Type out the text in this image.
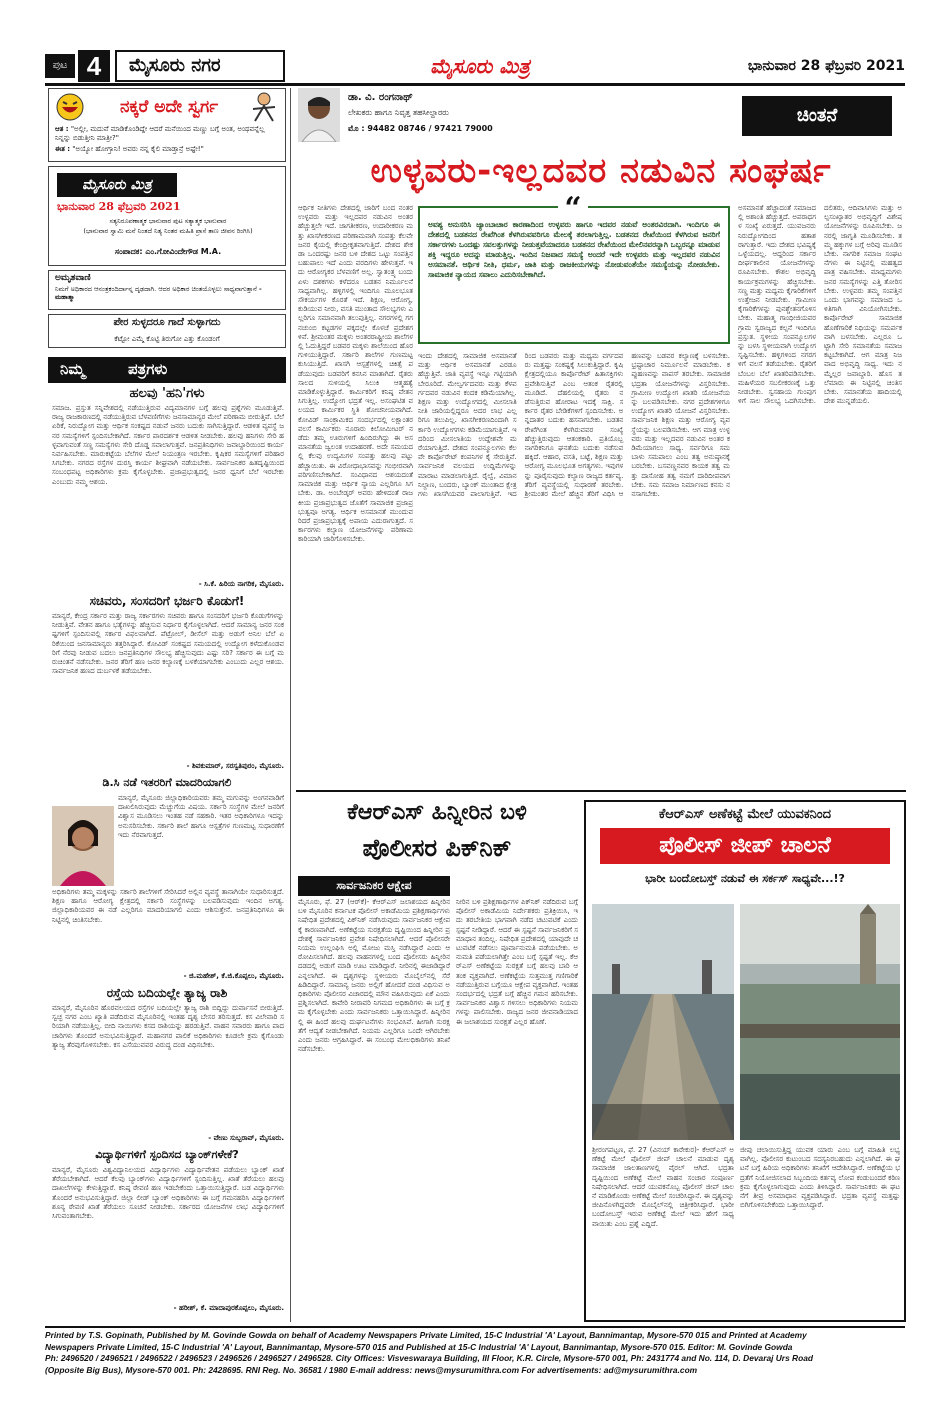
ಪುಟ 4	ಮೈಸೂರು ನಗರ	ಮೈಸೂರು ಮಿತ್ರ	ಭಾನುವಾರ 28 ಫೆಬ್ರವರಿ 2021
ನಕ್ಕರೆ ಅದೇ ಸ್ವರ್ಗ
ಆತ : "ಅಲ್ಲೀ, ಮದುವೆ ಮಾಡಿಕೊಂಡಿದ್ದೇ ಆದರೆ ಮನೆಯಿಂದ ಮಣ್ಣು ಬಗ್ಗೆ ಅಂತ, ಅಂಥವನ್ನೆಲ್ಲ ನಿನ್ನನ್ನು ಬಿಡುತ್ತೀನಿ ಮಾತ್ರೀ?"
ಈತ : "ಅಯ್ಯೋ ಹೋಗ್ತಾನಿ! ಅವರು ನನ್ನ ಕೈಲಿ ಮಾಡ್ತಾನ್ರೆ ಅಷ್ಟೇ!"
ಮೈಸೂರು ಮಿತ್ರ
ಭಾನುವಾರ 28 ಫೆಬ್ರವರಿ 2021
ಸತ್ಯನಿರೂಪಣಾತ್ಮಕ ಭಾನುವಾರ ಪುಟ ಸತ್ಯಾತ್ಮಕ ಭಾನುವಾರ
(ಭಾನುವಾರ ಸ್ವಾಮಿ ಮನೆ ನಿಂತದೆ ನಿತ್ಯ ನಿಂತರ ಮಹಿತಿ ಪ್ರಾಸೆ ತಾಣ ಜೀವನ ರಿಂಗಿಸಿ)
ಸಂಪಾದಕ: ಎಂ.ಗೋವಿಂದೇಗೌಡ M.A.
ಅಮೃತವಾಣಿ
ನಿಮಗೆ ಅಧಿಕಾರದ ಆನಂತ್ರಕಂದಿರ್ದಾನ್ನ ದೃಢದಾಗಿ. ಆದರ ಅಧಿಕಾರ ಚಿಂತಯೊಳ್ಳಲು ಸಾಧ್ಯವಾಗುತ್ತಾನೆ - ಮಹಾತ್ಮಾ
ಪೇರ ಸುಳ್ಳದರೂ ಗಾದೆ ಸುಳ್ಳಾಗದು
ಕೆಟ್ಟೋ ಎಮ್ಮೆ ಕೊಟ್ಟಿ ತಿರುಗೋ ಎತ್ತು ಕೊಂಡಂಗೆ
ನಿಮ್ಮ	ಪತ್ರಗಳು
ಹಲವು 'ಹನಿ'ಗಳು
ಸಮಾಜ. ಪ್ರಸ್ತುತ ಸನ್ನಿವೇಶದಲ್ಲಿ ನಡೆಯುತ್ತಿರುವ ವಿದ್ಯಮಾನಗಳ ಬಗ್ಗೆ ಹಲವು ಪ್ರಶ್ನೆಗಳು ಮೂಡುತ್ತಿವೆ. ರಾಜ್ಯ ರಾಜಕಾರಣದಲ್ಲಿ ನಡೆಯುತ್ತಿರುವ ಬೆಳವಣಿಗೆಗಳು ಜನಸಾಮಾನ್ಯರ ಮೇಲೆ ಪರಿಣಾಮ ಬೀರುತ್ತಿವೆ. ಬೆಲೆ ಏರಿಕೆ, ನಿರುದ್ಯೋಗ ಮತ್ತು ಆರ್ಥಿಕ ಸಂಕಷ್ಟದ ನಡುವೆ ಜನರು ಬದುಕು ಸಾಗಿಸುತ್ತಿದ್ದಾರೆ. ಆಡಳಿತ ವ್ಯವಸ್ಥೆ ಜನರ ಸಮಸ್ಯೆಗಳಿಗೆ ಸ್ಪಂದಿಸಬೇಕಾಗಿದೆ. ಸರ್ಕಾರ ಪಾರದರ್ಶಕ ಆಡಳಿತ ನೀಡಬೇಕು. ಹಲವು ಹನಿಗಳು ಸೇರಿ ಹಳ್ಳವಾಗುವಂತೆ ಸಣ್ಣ ಸಮಸ್ಯೆಗಳು ಸೇರಿ ದೊಡ್ಡ ಸವಾಲಾಗುತ್ತವೆ. ಜನಪ್ರತಿನಿಧಿಗಳು ಜವಾಬ್ದಾರಿಯಿಂದ ಕಾರ್ಯ ನಿರ್ವಹಿಸಬೇಕು. ಮಾರುಕಟ್ಟೆಯ ಬೆಲೆಗಳ ಮೇಲೆ ನಿಯಂತ್ರಣ ಇರಬೇಕು. ಕೃಷಿಕರ ಸಮಸ್ಯೆಗಳಿಗೆ ಪರಿಹಾರ ಸಿಗಬೇಕು. ನಗರದ ರಸ್ತೆಗಳ ದುರಸ್ತಿ ಕಾರ್ಯ ಶೀಘ್ರವಾಗಿ ನಡೆಯಬೇಕು. ಸಾರ್ವಜನಿಕರ ಹಿತದೃಷ್ಟಿಯಿಂದ ಸಂಬಂಧಪಟ್ಟ ಅಧಿಕಾರಿಗಳು ಕ್ರಮ ಕೈಗೊಳ್ಳಬೇಕು. ಪ್ರಜಾಪ್ರಭುತ್ವದಲ್ಲಿ ಜನರ ಧ್ವನಿಗೆ ಬೆಲೆ ಇರಬೇಕು ಎಂಬುದು ನಮ್ಮ ಆಶಯ.
- ಸಿ.ಕೆ. ಹಿರಿಯ ನಾಗರಿಕ, ಮೈಸೂರು.
ಸಚಿವರು, ಸಂಸದರಿಗೆ ಭರ್ಜರಿ ಕೊಡುಗೆ!
ಮಾನ್ಯರೆ, ಕೇಂದ್ರ ಸರ್ಕಾರ ಮತ್ತು ರಾಜ್ಯ ಸರ್ಕಾರಗಳು ಸಚಿವರು ಹಾಗೂ ಸಂಸದರಿಗೆ ಭರ್ಜರಿ ಕೊಡುಗೆಗಳನ್ನು ನೀಡುತ್ತಿವೆ. ವೇತನ ಹಾಗೂ ಭತ್ಯೆಗಳನ್ನು ಹೆಚ್ಚಿಸುವ ನಿರ್ಧಾರ ಕೈಗೊಳ್ಳಲಾಗಿದೆ. ಆದರೆ ಸಾಮಾನ್ಯ ಜನರ ಸಂಕಷ್ಟಗಳಿಗೆ ಸ್ಪಂದಿಸುವಲ್ಲಿ ಸರ್ಕಾರ ವಿಫಲವಾಗಿದೆ. ಪೆಟ್ರೋಲ್, ಡೀಸೆಲ್ ಮತ್ತು ಅಡುಗೆ ಅನಿಲ ಬೆಲೆ ಏರಿಕೆಯಿಂದ ಜನಸಾಮಾನ್ಯರು ತತ್ತರಿಸಿದ್ದಾರೆ. ಕೋವಿಡ್ ಸಂಕಷ್ಟದ ಸಮಯದಲ್ಲಿ ಉದ್ಯೋಗ ಕಳೆದುಕೊಂಡವರಿಗೆ ನೆರವು ನೀಡುವ ಬದಲು ಜನಪ್ರತಿನಿಧಿಗಳ ಸೌಲಭ್ಯ ಹೆಚ್ಚಿಸುವುದು ಎಷ್ಟು ಸರಿ? ಸರ್ಕಾರ ಈ ಬಗ್ಗೆ ಮರುಚಿಂತನೆ ನಡೆಸಬೇಕು. ಜನರ ತೆರಿಗೆ ಹಣ ಜನರ ಕಲ್ಯಾಣಕ್ಕೆ ಬಳಕೆಯಾಗಬೇಕು ಎಂಬುದು ಎಲ್ಲರ ಆಶಯ. ಸಾರ್ವಜನಿಕ ಹಣದ ದುರ್ಬಳಕೆ ತಡೆಯಬೇಕು.
- ಶಿವಕುಮಾರ್, ಸರಸ್ವತಿಪುರಂ, ಮೈಸೂರು.
ಡಿ.ಸಿ ನಡೆ ಇತರರಿಗೆ ಮಾದರಿಯಾಗಲಿ
ಮಾನ್ಯರೆ, ಮೈಸೂರು ಜಿಲ್ಲಾಧಿಕಾರಿಯವರು ತಮ್ಮ ಮಗುವನ್ನು ಅಂಗನವಾಡಿಗೆ ದಾಖಲಿಸಿರುವುದು ಮೆಚ್ಚುಗೆಯ ವಿಷಯ. ಸರ್ಕಾರಿ ಸಂಸ್ಥೆಗಳ ಮೇಲೆ ಜನರಿಗೆ ವಿಶ್ವಾಸ ಮೂಡಿಸಲು ಇಂತಹ ನಡೆ ಸಹಕಾರಿ. ಇತರ ಅಧಿಕಾರಿಗಳೂ ಇದನ್ನು ಅನುಸರಿಸಬೇಕು. ಸರ್ಕಾರಿ ಶಾಲೆ ಹಾಗೂ ಆಸ್ಪತ್ರೆಗಳ ಗುಣಮಟ್ಟ ಸುಧಾರಣೆಗೆ ಇದು ನೆರವಾಗುತ್ತದೆ.
ಅಧಿಕಾರಿಗಳು ತಮ್ಮ ಮಕ್ಕಳನ್ನು ಸರ್ಕಾರಿ ಶಾಲೆಗಳಿಗೆ ಸೇರಿಸಿದರೆ ಅಲ್ಲಿನ ವ್ಯವಸ್ಥೆ ತಾನಾಗಿಯೇ ಸುಧಾರಿಸುತ್ತದೆ. ಶಿಕ್ಷಣ ಹಾಗೂ ಆರೋಗ್ಯ ಕ್ಷೇತ್ರದಲ್ಲಿ ಸರ್ಕಾರಿ ಸಂಸ್ಥೆಗಳನ್ನು ಬಲಪಡಿಸುವುದು ಇಂದಿನ ಅಗತ್ಯ. ಜಿಲ್ಲಾಧಿಕಾರಿಯವರ ಈ ನಡೆ ಎಲ್ಲರಿಗೂ ಮಾದರಿಯಾಗಲಿ ಎಂದು ಆಶಿಸುತ್ತೇನೆ. ಜನಪ್ರತಿನಿಧಿಗಳೂ ಈ ನಿಟ್ಟಿನಲ್ಲಿ ಚಿಂತಿಸಬೇಕು.
- ಜಿ.ಮಹೇಶ್, ಕೆ.ಜಿ.ಕೊಪ್ಪಲು, ಮೈಸೂರು.
ರಸ್ತೆಯ ಬದಿಯಲ್ಲೇ ತ್ಯಾಜ್ಯ ರಾಶಿ
ಮಾನ್ಯರೆ, ಮೈಸೂರಿನ ಹೊರವಲಯದ ರಸ್ತೆಗಳ ಬದಿಯಲ್ಲೇ ತ್ಯಾಜ್ಯ ರಾಶಿ ಬಿದ್ದಿದ್ದು ದುರ್ವಾಸನೆ ಬೀರುತ್ತಿದೆ. ಸ್ವಚ್ಛ ನಗರ ಎಂಬ ಖ್ಯಾತಿ ಪಡೆದಿರುವ ಮೈಸೂರಿನಲ್ಲಿ ಇಂತಹ ದೃಶ್ಯ ಬೇಸರ ತರಿಸುತ್ತದೆ. ಕಸ ವಿಲೇವಾರಿ ಸರಿಯಾಗಿ ನಡೆಯುತ್ತಿಲ್ಲ. ಬೀದಿ ನಾಯಿಗಳು ಕಸದ ರಾಶಿಯನ್ನು ಹರಡುತ್ತಿವೆ. ವಾಹನ ಸವಾರರು ಹಾಗೂ ಪಾದಚಾರಿಗಳು ತೊಂದರೆ ಅನುಭವಿಸುತ್ತಿದ್ದಾರೆ. ಮಹಾನಗರ ಪಾಲಿಕೆ ಅಧಿಕಾರಿಗಳು ಕೂಡಲೇ ಕ್ರಮ ಕೈಗೊಂಡು ತ್ಯಾಜ್ಯ ತೆರವುಗೊಳಿಸಬೇಕು. ಕಸ ಎಸೆಯುವವರ ವಿರುದ್ಧ ದಂಡ ವಿಧಿಸಬೇಕು.
- ವೇಣು ಸುಬ್ಬರಾವ್, ಮೈಸೂರು.
ವಿದ್ಯಾರ್ಥಿಗಳಿಗೆ ಸ್ಪಂದಿಸದ ಬ್ಯಾಂಕ್‌ಗಳೇಕೆ?
ಮಾನ್ಯರೆ, ಮೈಸೂರು ವಿಶ್ವವಿದ್ಯಾನಿಲಯದ ವಿದ್ಯಾರ್ಥಿಗಳು ವಿದ್ಯಾರ್ಥಿವೇತನ ಪಡೆಯಲು ಬ್ಯಾಂಕ್ ಖಾತೆ ತೆರೆಯಬೇಕಾಗಿದೆ. ಆದರೆ ಕೆಲವು ಬ್ಯಾಂಕ್‌ಗಳು ವಿದ್ಯಾರ್ಥಿಗಳಿಗೆ ಸ್ಪಂದಿಸುತ್ತಿಲ್ಲ. ಖಾತೆ ತೆರೆಯಲು ಹಲವು ದಾಖಲೆಗಳನ್ನು ಕೇಳುತ್ತಿದ್ದಾರೆ. ಕನಿಷ್ಠ ಠೇವಣಿ ಹಣ ಇಡಬೇಕೆಂದು ಒತ್ತಾಯಿಸುತ್ತಿದ್ದಾರೆ. ಬಡ ವಿದ್ಯಾರ್ಥಿಗಳು ತೊಂದರೆ ಅನುಭವಿಸುತ್ತಿದ್ದಾರೆ. ಜಿಲ್ಲಾ ಲೀಡ್ ಬ್ಯಾಂಕ್ ಅಧಿಕಾರಿಗಳು ಈ ಬಗ್ಗೆ ಗಮನಹರಿಸಿ ವಿದ್ಯಾರ್ಥಿಗಳಿಗೆ ಶೂನ್ಯ ಠೇವಣಿ ಖಾತೆ ತೆರೆಯಲು ಸೂಚನೆ ನೀಡಬೇಕು. ಸರ್ಕಾರದ ಯೋಜನೆಗಳ ಲಾಭ ವಿದ್ಯಾರ್ಥಿಗಳಿಗೆ ಸಿಗುವಂತಾಗಬೇಕು.
- ಹರೀಶ್, ಕೆ. ಮಾದಾಪುರಕೊಪ್ಪಲು, ಮೈಸೂರು.
ಡಾ. ವಿ. ರಂಗನಾಥ್
ಲೇಖಕರು ಹಾಗೂ ನಿವೃತ್ತ ತಹಸೀಲ್ದಾರರು
ಮೊ : 94482 08746 / 97421 79000
ಚಿಂತನೆ
ಉಳ್ಳವರು-ಇಲ್ಲದವರ ನಡುವಿನ ಸಂಘರ್ಷ
ಆರ್ಥಿಕ ನೀತಿಗಳು ದೇಶದಲ್ಲಿ ಜಾರಿಗೆ ಬಂದ ನಂತರ ಉಳ್ಳವರು ಮತ್ತು ಇಲ್ಲದವರ ನಡುವಿನ ಅಂತರ ಹೆಚ್ಚುತ್ತಲೇ ಇದೆ. ಜಾಗತೀಕರಣ, ಉದಾರೀಕರಣ ಮತ್ತು ಖಾಸಗೀಕರಣದ ಪರಿಣಾಮವಾಗಿ ಸಂಪತ್ತು ಕೆಲವೇ ಜನರ ಕೈಯಲ್ಲಿ ಕೇಂದ್ರೀಕೃತವಾಗುತ್ತಿದೆ. ದೇಶದ ಶೇಕಡಾ ಒಂದರಷ್ಟು ಜನರ ಬಳಿ ದೇಶದ ಒಟ್ಟು ಸಂಪತ್ತಿನ ಬಹುಪಾಲು ಇದೆ ಎಂದು ವರದಿಗಳು ಹೇಳುತ್ತವೆ. ಇದು ಆರೋಗ್ಯಕರ ಬೆಳವಣಿಗೆ ಅಲ್ಲ. ಸ್ವಾತಂತ್ರ್ಯ ಬಂದು ಏಳು ದಶಕಗಳು ಕಳೆದರೂ ಬಡತನ ನಿರ್ಮೂಲನೆ ಸಾಧ್ಯವಾಗಿಲ್ಲ. ಹಳ್ಳಿಗಳಲ್ಲಿ ಇಂದಿಗೂ ಮೂಲಭೂತ ಸೌಕರ್ಯಗಳ ಕೊರತೆ ಇದೆ. ಶಿಕ್ಷಣ, ಆರೋಗ್ಯ, ಕುಡಿಯುವ ನೀರು, ವಸತಿ ಮುಂತಾದ ಸೌಲಭ್ಯಗಳು ಎಲ್ಲರಿಗೂ ಸಮಾನವಾಗಿ ತಲುಪುತ್ತಿಲ್ಲ. ನಗರಗಳಲ್ಲಿ ಗಗನಚುಂಬಿ ಕಟ್ಟಡಗಳ ಪಕ್ಕದಲ್ಲೇ ಕೊಳಚೆ ಪ್ರದೇಶಗಳಿವೆ. ಶ್ರೀಮಂತರ ಮಕ್ಕಳು ಅಂತರರಾಷ್ಟ್ರೀಯ ಶಾಲೆಗಳಲ್ಲಿ ಓದುತ್ತಿದ್ದರೆ ಬಡವರ ಮಕ್ಕಳು ಶಾಲೆಯಿಂದ ಹೊರಗುಳಿಯುತ್ತಿದ್ದಾರೆ. ಸರ್ಕಾರಿ ಶಾಲೆಗಳ ಗುಣಮಟ್ಟ ಕುಸಿಯುತ್ತಿದೆ. ಖಾಸಗಿ ಆಸ್ಪತ್ರೆಗಳಲ್ಲಿ ಚಿಕಿತ್ಸೆ ಪಡೆಯುವುದು ಬಡವರಿಗೆ ಕನಸಿನ ಮಾತಾಗಿದೆ. ರೈತರು ಸಾಲದ ಸುಳಿಯಲ್ಲಿ ಸಿಲುಕಿ ಆತ್ಮಹತ್ಯೆ ಮಾಡಿಕೊಳ್ಳುತ್ತಿದ್ದಾರೆ. ಕಾರ್ಮಿಕರಿಗೆ ಕನಿಷ್ಠ ವೇತನ ಸಿಗುತ್ತಿಲ್ಲ. ಉದ್ಯೋಗ ಭದ್ರತೆ ಇಲ್ಲ. ಅಸಂಘಟಿತ ವಲಯದ ಕಾರ್ಮಿಕರ ಸ್ಥಿತಿ ಶೋಚನೀಯವಾಗಿದೆ. ಕೋವಿಡ್ ಸಾಂಕ್ರಾಮಿಕದ ಸಂದರ್ಭದಲ್ಲಿ ಲಕ್ಷಾಂತರ ವಲಸೆ ಕಾರ್ಮಿಕರು ನೂರಾರು ಕಿಲೋಮೀಟರ್ ನಡೆದು ತಮ್ಮ ಊರುಗಳಿಗೆ ಹಿಂದಿರುಗಿದ್ದು ಈ ಅಸಮಾನತೆಯ ಜ್ವಲಂತ ಉದಾಹರಣೆ. ಅದೇ ಸಮಯದಲ್ಲಿ ಕೆಲವು ಉದ್ಯಮಿಗಳ ಸಂಪತ್ತು ಹಲವು ಪಟ್ಟು ಹೆಚ್ಚಾಯಿತು. ಈ ವಿರೋಧಾಭಾಸವನ್ನು ಗಂಭೀರವಾಗಿ ಪರಿಗಣಿಸಬೇಕಾಗಿದೆ. ಸಂವಿಧಾನದ ಆಶಯದಂತೆ ಸಾಮಾಜಿಕ ಮತ್ತು ಆರ್ಥಿಕ ನ್ಯಾಯ ಎಲ್ಲರಿಗೂ ಸಿಗಬೇಕು. ಡಾ. ಅಂಬೇಡ್ಕರ್ ಅವರು ಹೇಳಿದಂತೆ ರಾಜಕೀಯ ಪ್ರಜಾಪ್ರಭುತ್ವದ ಜೊತೆಗೆ ಸಾಮಾಜಿಕ ಪ್ರಜಾಪ್ರಭುತ್ವವೂ ಅಗತ್ಯ. ಆರ್ಥಿಕ ಅಸಮಾನತೆ ಮುಂದುವರಿದರೆ ಪ್ರಜಾಪ್ರಭುತ್ವಕ್ಕೆ ಅಪಾಯ ಎದುರಾಗುತ್ತದೆ. ಸರ್ಕಾರಗಳು ಕಲ್ಯಾಣ ಯೋಜನೆಗಳನ್ನು ಪರಿಣಾಮಕಾರಿಯಾಗಿ ಜಾರಿಗೊಳಿಸಬೇಕು.
“
ಅವಶ್ಯ ಅನುಸರಿಸಿ ಜ್ಯಾಂಬಾಚಾರ ಕಾರಣಾದಿಂದ ಉಳ್ಳವರು ಹಾಗೂ ಇದವರ ನಡುವೆ ಅಂತರವಿರದಾಗಿ. ಇಂದಿಗೂ ಈ ದೇಶದಲ್ಲಿ ಬಡತನದ ರೇಖೆಗಿಂತ ಕೆಳಗಿರುವವರಿಗೂ ಮೇಲಕ್ಕೆ ತರಲಾಗುತ್ತಿಲ್ಲ. ಬಡತನದ ರೇಖೆಯಿಂದ ಕೆಳಗಿರುವ ಜನರಿಗೆ ಸರ್ಕಾರಗಳು ಒಂದಷ್ಟು ಸವಲತ್ತುಗಳನ್ನು ನೀಡುತ್ತವೆಯಾದರೂ ಬಡತನದ ರೇಖೆಯಿಂದ ಮೇಲಿನವರನ್ನಾಗಿ ಒಬ್ಬರನ್ನೂ ಮಾಡುವ ಶಕ್ತಿ ಇದ್ದರೂ ಅದನ್ನು ಮಾಡುತ್ತಿಲ್ಲ. ಇಂದಿನ ನಿಜವಾದ ಸಮಸ್ಯೆ ಅಂದರೆ ಇದೇ ಉಳ್ಳವರು ಮತ್ತು ಇಲ್ಲದವರ ನಡುವಿನ ಅಸಮಾನತೆ. ಆರ್ಥಿಕ ನೀತಿ, ಧರ್ಮ, ಜಾತಿ ಮತ್ತು ರಾಜಕೀಯಗಳನ್ನು ನೋಡುವಂತೆಯೇ ಸಮಸ್ಯೆಯನ್ನು ನೋಡಬೇಕು. ಸಾಮಾಜಿಕ ನ್ಯಾಯದ ಸವಾಲು ಎದುರಿಸಬೇಕಾಗಿದೆ.
ಇಂದು ದೇಶದಲ್ಲಿ ಸಾಮಾಜಿಕ ಅಸಮಾನತೆ ಮತ್ತು ಆರ್ಥಿಕ ಅಸಮಾನತೆ ಎರಡೂ ಹೆಚ್ಚುತ್ತಿವೆ. ಜಾತಿ ವ್ಯವಸ್ಥೆ ಇನ್ನೂ ಗಟ್ಟಿಯಾಗಿ ಬೇರೂರಿದೆ. ಮೇಲ್ವರ್ಗದವರು ಮತ್ತು ಕೆಳವರ್ಗದವರ ನಡುವಿನ ಕಂದಕ ಕಡಿಮೆಯಾಗಿಲ್ಲ. ಶಿಕ್ಷಣ ಮತ್ತು ಉದ್ಯೋಗದಲ್ಲಿ ಮೀಸಲಾತಿ ನೀತಿ ಜಾರಿಯಲ್ಲಿದ್ದರೂ ಅದರ ಲಾಭ ಎಲ್ಲರಿಗೂ ತಲುಪಿಲ್ಲ. ಖಾಸಗೀಕರಣದಿಂದಾಗಿ ಸರ್ಕಾರಿ ಉದ್ಯೋಗಗಳು ಕಡಿಮೆಯಾಗುತ್ತಿವೆ. ಇದರಿಂದ ಮೀಸಲಾತಿಯ ಉದ್ದೇಶವೇ ಮರೆಯಾಗುತ್ತಿದೆ. ದೇಶದ ಸಂಪನ್ಮೂಲಗಳು ಕೆಲವೇ ಕಾರ್ಪೊರೇಟ್ ಕಂಪನಿಗಳ ಕೈ ಸೇರುತ್ತಿವೆ. ಸಾರ್ವಜನಿಕ ವಲಯದ ಉದ್ದಿಮೆಗಳನ್ನು ಮಾರಾಟ ಮಾಡಲಾಗುತ್ತಿದೆ. ರೈಲ್ವೆ, ವಿಮಾನ ನಿಲ್ದಾಣ, ಬಂದರು, ಬ್ಯಾಂಕ್ ಮುಂತಾದ ಕ್ಷೇತ್ರಗಳು ಖಾಸಗಿಯವರ ಪಾಲಾಗುತ್ತಿವೆ. ಇದರಿಂದ ಬಡವರು ಮತ್ತು ಮಧ್ಯಮ ವರ್ಗದವರು ಮತ್ತಷ್ಟು ಸಂಕಷ್ಟಕ್ಕೆ ಸಿಲುಕುತ್ತಿದ್ದಾರೆ. ಕೃಷಿ ಕ್ಷೇತ್ರದಲ್ಲಿಯೂ ಕಾರ್ಪೊರೇಟ್ ಹಿತಾಸಕ್ತಿಗಳು ಪ್ರವೇಶಿಸುತ್ತಿವೆ ಎಂಬ ಆತಂಕ ರೈತರಲ್ಲಿ ಮೂಡಿದೆ. ದೆಹಲಿಯಲ್ಲಿ ರೈತರು ನಡೆಸುತ್ತಿರುವ ಹೋರಾಟ ಇದಕ್ಕೆ ಸಾಕ್ಷಿ. ಸರ್ಕಾರ ರೈತರ ಬೇಡಿಕೆಗಳಿಗೆ ಸ್ಪಂದಿಸಬೇಕು. ಅನ್ನದಾತರ ಬದುಕು ಹಸನಾಗಬೇಕು. ಬಡತನ ರೇಖೆಗಿಂತ ಕೆಳಗಿರುವವರ ಸಂಖ್ಯೆ ಹೆಚ್ಚುತ್ತಿರುವುದು ಆತಂಕಕಾರಿ. ಪ್ರತಿಯೊಬ್ಬ ನಾಗರಿಕನಿಗೂ ಘನತೆಯ ಬದುಕು ನಡೆಸುವ ಹಕ್ಕಿದೆ. ಆಹಾರ, ವಸತಿ, ಬಟ್ಟೆ, ಶಿಕ್ಷಣ ಮತ್ತು ಆರೋಗ್ಯ ಮೂಲಭೂತ ಅಗತ್ಯಗಳು. ಇವುಗಳನ್ನು ಪೂರೈಸುವುದು ಕಲ್ಯಾಣ ರಾಜ್ಯದ ಕರ್ತವ್ಯ. ತೆರಿಗೆ ವ್ಯವಸ್ಥೆಯಲ್ಲಿ ಸುಧಾರಣೆ ತರಬೇಕು. ಶ್ರೀಮಂತರ ಮೇಲೆ ಹೆಚ್ಚಿನ ತೆರಿಗೆ ವಿಧಿಸಿ ಆ ಹಣವನ್ನು ಬಡವರ ಕಲ್ಯಾಣಕ್ಕೆ ಬಳಸಬೇಕು. ಭ್ರಷ್ಟಾಚಾರ ನಿರ್ಮೂಲನೆ ಮಾಡಬೇಕು. ಕಪ್ಪುಹಣವನ್ನು ವಾಪಸ್ ತರಬೇಕು. ಸಾಮಾಜಿಕ ಭದ್ರತಾ ಯೋಜನೆಗಳನ್ನು ವಿಸ್ತರಿಸಬೇಕು. ಗ್ರಾಮೀಣ ಉದ್ಯೋಗ ಖಾತರಿ ಯೋಜನೆಯನ್ನು ಬಲಪಡಿಸಬೇಕು. ನಗರ ಪ್ರದೇಶಗಳಿಗೂ ಉದ್ಯೋಗ ಖಾತರಿ ಯೋಜನೆ ವಿಸ್ತರಿಸಬೇಕು. ಸಾರ್ವಜನಿಕ ಶಿಕ್ಷಣ ಮತ್ತು ಆರೋಗ್ಯ ವ್ಯವಸ್ಥೆಯನ್ನು ಬಲಪಡಿಸಬೇಕು. ಆಗ ಮಾತ್ರ ಉಳ್ಳವರು ಮತ್ತು ಇಲ್ಲದವರ ನಡುವಿನ ಅಂತರ ಕಡಿಮೆಯಾಗಲು ಸಾಧ್ಯ. ಸರ್ವರಿಗೂ ಸಮಬಾಳು ಸಮಪಾಲು ಎಂಬ ತತ್ವ ಅನುಷ್ಠಾನಕ್ಕೆ ಬರಬೇಕು. ಬಸವಣ್ಣನವರ ಕಾಯಕ ತತ್ವ ಮತ್ತು ದಾಸೋಹ ತತ್ವ ನಮಗೆ ದಾರಿದೀಪವಾಗಬೇಕು. ಸಮ ಸಮಾಜ ನಿರ್ಮಾಣದ ಕನಸು ನನಸಾಗಬೇಕು.
ಅಸಮಾನತೆ ಹೆಚ್ಚಾದಂತೆ ಸಮಾಜದಲ್ಲಿ ಅಶಾಂತಿ ಹೆಚ್ಚುತ್ತದೆ. ಅಪರಾಧಗಳ ಸಂಖ್ಯೆ ಏರುತ್ತದೆ. ಯುವಜನರು ನಿರುದ್ಯೋಗದಿಂದ ಹತಾಶರಾಗುತ್ತಾರೆ. ಇದು ದೇಶದ ಭವಿಷ್ಯಕ್ಕೆ ಒಳ್ಳೆಯದಲ್ಲ. ಆದ್ದರಿಂದ ಸರ್ಕಾರ ದೀರ್ಘಕಾಲೀನ ಯೋಜನೆಗಳನ್ನು ರೂಪಿಸಬೇಕು. ಕೌಶಲ ಅಭಿವೃದ್ಧಿ ಕಾರ್ಯಕ್ರಮಗಳನ್ನು ಹೆಚ್ಚಿಸಬೇಕು. ಸಣ್ಣ ಮತ್ತು ಮಧ್ಯಮ ಕೈಗಾರಿಕೆಗಳಿಗೆ ಉತ್ತೇಜನ ನೀಡಬೇಕು. ಗ್ರಾಮೀಣ ಕೈಗಾರಿಕೆಗಳನ್ನು ಪುನಶ್ಚೇತನಗೊಳಿಸಬೇಕು. ಮಹಾತ್ಮ ಗಾಂಧೀಜಿಯವರ ಗ್ರಾಮ ಸ್ವರಾಜ್ಯದ ಕಲ್ಪನೆ ಇಂದಿಗೂ ಪ್ರಸ್ತುತ. ಸ್ಥಳೀಯ ಸಂಪನ್ಮೂಲಗಳನ್ನು ಬಳಸಿ ಸ್ಥಳೀಯವಾಗಿ ಉದ್ಯೋಗ ಸೃಷ್ಟಿಸಬೇಕು. ಹಳ್ಳಿಗಳಿಂದ ನಗರಗಳಿಗೆ ವಲಸೆ ತಡೆಯಬೇಕು. ರೈತರಿಗೆ ಬೆಂಬಲ ಬೆಲೆ ಖಾತರಿಪಡಿಸಬೇಕು. ಮಹಿಳೆಯರ ಸಬಲೀಕರಣಕ್ಕೆ ಒತ್ತು ನೀಡಬೇಕು. ಸ್ವಸಹಾಯ ಗುಂಪುಗಳಿಗೆ ಸಾಲ ಸೌಲಭ್ಯ ಒದಗಿಸಬೇಕು. ದಲಿತರು, ಆದಿವಾಸಿಗಳು ಮತ್ತು ಅಲ್ಪಸಂಖ್ಯಾತರ ಅಭಿವೃದ್ಧಿಗೆ ವಿಶೇಷ ಯೋಜನೆಗಳನ್ನು ರೂಪಿಸಬೇಕು. ಜನರಲ್ಲಿ ಜಾಗೃತಿ ಮೂಡಿಸಬೇಕು. ತಮ್ಮ ಹಕ್ಕುಗಳ ಬಗ್ಗೆ ಅರಿವು ಮೂಡಿಸಬೇಕು. ನಾಗರಿಕ ಸಮಾಜ ಸಂಘಟನೆಗಳು ಈ ನಿಟ್ಟಿನಲ್ಲಿ ಮಹತ್ವದ ಪಾತ್ರ ವಹಿಸಬೇಕು. ಮಾಧ್ಯಮಗಳು ಜನರ ಸಮಸ್ಯೆಗಳನ್ನು ಎತ್ತಿ ತೋರಿಸಬೇಕು. ಉಳ್ಳವರು ತಮ್ಮ ಸಂಪತ್ತಿನ ಒಂದು ಭಾಗವನ್ನು ಸಮಾಜದ ಒಳಿತಿಗಾಗಿ ವಿನಿಯೋಗಿಸಬೇಕು. ಕಾರ್ಪೊರೇಟ್ ಸಾಮಾಜಿಕ ಹೊಣೆಗಾರಿಕೆ ನಿಧಿಯನ್ನು ಸಮರ್ಪಕವಾಗಿ ಬಳಸಬೇಕು. ಎಲ್ಲರೂ ಒಟ್ಟಾಗಿ ಸೇರಿ ಸಮಾನತೆಯ ಸಮಾಜ ಕಟ್ಟಬೇಕಾಗಿದೆ. ಆಗ ಮಾತ್ರ ನಿಜವಾದ ಅಭಿವೃದ್ಧಿ ಸಾಧ್ಯ. ಇದು ನಮ್ಮೆಲ್ಲರ ಜವಾಬ್ದಾರಿ. ಹೊಸ ತಲೆಮಾರು ಈ ನಿಟ್ಟಿನಲ್ಲಿ ಚಿಂತಿಸಬೇಕು. ಸಮಾನತೆಯ ಹಾದಿಯಲ್ಲಿ ದೇಶ ಮುನ್ನಡೆಯಲಿ.
ಕೆಆರ್‌ಎಸ್ ಹಿನ್ನೀರಿನ ಬಳಿ
ಪೊಲೀಸರ ಪಿಕ್‌ನಿಕ್
ಸಾರ್ವಜನಿಕರ ಆಕ್ಷೇಪ
ಮೈಸೂರು, ಫೆ. 27 (ಆರ್‌ಕೆ)- ಕೆಆರ್‌ಎಸ್ ಜಲಾಶಯದ ಹಿನ್ನೀರಿನ ಬಳಿ ಮೈಸೂರಿನ ಕರ್ನಾಟಕ ಪೊಲೀಸ್ ಅಕಾಡೆಮಿಯ ಪ್ರಶಿಕ್ಷಣಾರ್ಥಿಗಳು ನಿಷೇಧಿತ ಪ್ರದೇಶದಲ್ಲಿ ಪಿಕ್‌ನಿಕ್ ನಡೆಸಿರುವುದು ಸಾರ್ವಜನಿಕರ ಆಕ್ಷೇಪಕ್ಕೆ ಕಾರಣವಾಗಿದೆ. ಅಣೆಕಟ್ಟೆಯ ಸುರಕ್ಷತೆಯ ದೃಷ್ಟಿಯಿಂದ ಹಿನ್ನೀರಿನ ಪ್ರದೇಶಕ್ಕೆ ಸಾರ್ವಜನಿಕರ ಪ್ರವೇಶ ನಿಷೇಧಿಸಲಾಗಿದೆ. ಆದರೆ ಪೊಲೀಸರೇ ನಿಯಮ ಉಲ್ಲಂಘಿಸಿ ಅಲ್ಲಿ ಮೋಜು ಮಸ್ತಿ ನಡೆಸಿದ್ದಾರೆ ಎಂದು ಆರೋಪಿಸಲಾಗಿದೆ. ಹಲವು ವಾಹನಗಳಲ್ಲಿ ಬಂದ ಪೊಲೀಸರು ಹಿನ್ನೀರಿನ ದಡದಲ್ಲಿ ಅಡುಗೆ ಮಾಡಿ ಊಟ ಮಾಡಿದ್ದಾರೆ. ನೀರಿನಲ್ಲಿ ಈಜಾಡಿದ್ದಾರೆ ಎನ್ನಲಾಗಿದೆ. ಈ ದೃಶ್ಯಗಳನ್ನು ಸ್ಥಳೀಯರು ಮೊಬೈಲ್‌ನಲ್ಲಿ ಸೆರೆ ಹಿಡಿದಿದ್ದಾರೆ. ಸಾಮಾನ್ಯ ಜನರು ಅಲ್ಲಿಗೆ ಹೋದರೆ ದಂಡ ವಿಧಿಸುವ ಅಧಿಕಾರಿಗಳು ಪೊಲೀಸರ ವಿಚಾರದಲ್ಲಿ ಮೌನ ವಹಿಸಿರುವುದು ಏಕೆ ಎಂದು ಪ್ರಶ್ನಿಸಲಾಗಿದೆ. ಕಾವೇರಿ ನೀರಾವರಿ ನಿಗಮದ ಅಧಿಕಾರಿಗಳು ಈ ಬಗ್ಗೆ ಕ್ರಮ ಕೈಗೊಳ್ಳಬೇಕು ಎಂದು ಸಾರ್ವಜನಿಕರು ಒತ್ತಾಯಿಸಿದ್ದಾರೆ. ಹಿನ್ನೀರಿನಲ್ಲಿ ಈ ಹಿಂದೆ ಹಲವು ದುರ್ಘಟನೆಗಳು ಸಂಭವಿಸಿವೆ. ಹೀಗಾಗಿ ಸುರಕ್ಷತೆಗೆ ಆದ್ಯತೆ ನೀಡಬೇಕಾಗಿದೆ. ನಿಯಮ ಎಲ್ಲರಿಗೂ ಒಂದೇ ಆಗಿರಬೇಕು ಎಂದು ಜನರು ಆಗ್ರಹಿಸಿದ್ದಾರೆ. ಈ ಸಂಬಂಧ ಮೇಲಧಿಕಾರಿಗಳು ತನಿಖೆ ನಡೆಸಬೇಕು.
ನೀರಿನ ಬಳಿ ಪ್ರಶಿಕ್ಷಣಾರ್ಥಿಗಳ ಪಿಕ್‌ನಿಕ್ ನಡೆದಿರುವ ಬಗ್ಗೆ ಪೊಲೀಸ್ ಅಕಾಡೆಮಿಯ ನಿರ್ದೇಶಕರು ಪ್ರತಿಕ್ರಿಯಿಸಿ, ಇದು ತರಬೇತಿಯ ಭಾಗವಾಗಿ ನಡೆದ ಚಟುವಟಿಕೆ ಎಂದು ಸ್ಪಷ್ಟನೆ ನೀಡಿದ್ದಾರೆ. ಆದರೆ ಈ ಸ್ಪಷ್ಟನೆ ಸಾರ್ವಜನಿಕರಿಗೆ ಸಮಾಧಾನ ತಂದಿಲ್ಲ. ನಿಷೇಧಿತ ಪ್ರದೇಶದಲ್ಲಿ ಯಾವುದೇ ಚಟುವಟಿಕೆ ನಡೆಸಲು ಪೂರ್ವಾನುಮತಿ ಪಡೆಯಬೇಕು. ಅನುಮತಿ ಪಡೆಯಲಾಗಿತ್ತೇ ಎಂಬ ಬಗ್ಗೆ ಸ್ಪಷ್ಟತೆ ಇಲ್ಲ. ಕೆಆರ್‌ಎಸ್ ಅಣೆಕಟ್ಟೆಯ ಸುರಕ್ಷತೆ ಬಗ್ಗೆ ಹಲವು ಬಾರಿ ಆತಂಕ ವ್ಯಕ್ತವಾಗಿದೆ. ಅಣೆಕಟ್ಟೆಯ ಸುತ್ತಮುತ್ತ ಗಣಿಗಾರಿಕೆ ನಡೆಯುತ್ತಿರುವ ಬಗ್ಗೆಯೂ ಆಕ್ಷೇಪ ವ್ಯಕ್ತವಾಗಿದೆ. ಇಂತಹ ಸಂದರ್ಭದಲ್ಲಿ ಭದ್ರತೆ ಬಗ್ಗೆ ಹೆಚ್ಚಿನ ಗಮನ ಹರಿಸಬೇಕು. ಸಾರ್ವಜನಿಕರ ವಿಶ್ವಾಸ ಗಳಿಸಲು ಅಧಿಕಾರಿಗಳು ನಿಯಮಗಳನ್ನು ಪಾಲಿಸಬೇಕು. ರಾಜ್ಯದ ಜನರ ಜೀವನಾಡಿಯಾದ ಈ ಜಲಾಶಯದ ಸುರಕ್ಷತೆ ಎಲ್ಲರ ಹೊಣೆ.
ಕೆಆರ್‌ಎಸ್ ಅಣೆಕಟ್ಟೆ ಮೇಲೆ ಯುವಕನಿಂದ
ಪೊಲೀಸ್ ಜೀಪ್ ಚಾಲನೆ
ಭಾರೀ ಬಂದೋಬಸ್ತ್ ನಡುವೆ ಈ ಸರ್ಕಸ್ ಸಾಧ್ಯವೇ...!?
ಶ್ರೀರಂಗಪಟ್ಟಣ, ಫೆ. 27 (ವಿನಯ್ ಕಾರೇಕುರ)- ಕೆಆರ್‌ಎಸ್ ಅಣೆಕಟ್ಟೆ ಮೇಲೆ ಪೊಲೀಸ್ ಜೀಪ್ ಚಾಲನೆ ಮಾಡುವ ದೃಶ್ಯ ಸಾಮಾಜಿಕ ಜಾಲತಾಣಗಳಲ್ಲಿ ವೈರಲ್ ಆಗಿದೆ. ಭದ್ರತಾ ದೃಷ್ಟಿಯಿಂದ ಅಣೆಕಟ್ಟೆ ಮೇಲೆ ವಾಹನ ಸಂಚಾರ ಸಂಪೂರ್ಣ ನಿಷೇಧಿಸಲಾಗಿದೆ. ಆದರೆ ಯುವಕನೊಬ್ಬ ಪೊಲೀಸ್ ಜೀಪ್ ಚಾಲನೆ ಮಾಡಿಕೊಂಡು ಅಣೆಕಟ್ಟೆ ಮೇಲೆ ಸಂಚರಿಸಿದ್ದಾನೆ. ಈ ದೃಶ್ಯವನ್ನು ಜೀಪಿನೊಳಗಿದ್ದವರೇ ಮೊಬೈಲ್‌ನಲ್ಲಿ ಚಿತ್ರೀಕರಿಸಿದ್ದಾರೆ. ಭಾರೀ ಬಂದೋಬಸ್ತ್ ಇರುವ ಅಣೆಕಟ್ಟೆ ಮೇಲೆ ಇದು ಹೇಗೆ ಸಾಧ್ಯವಾಯಿತು ಎಂಬ ಪ್ರಶ್ನೆ ಎದ್ದಿದೆ.
ಜೀಪು ಚಲಾಯಿಸುತ್ತಿದ್ದ ಯುವಕ ಯಾರು ಎಂಬ ಬಗ್ಗೆ ಮಾಹಿತಿ ಲಭ್ಯವಾಗಿಲ್ಲ. ಪೊಲೀಸರ ಕುಟುಂಬದ ಸದಸ್ಯನಿರಬಹುದು ಎನ್ನಲಾಗಿದೆ. ಈ ಘಟನೆ ಬಗ್ಗೆ ಹಿರಿಯ ಅಧಿಕಾರಿಗಳು ತನಿಖೆಗೆ ಆದೇಶಿಸಿದ್ದಾರೆ. ಅಣೆಕಟ್ಟೆಯ ಭದ್ರತೆಗೆ ನಿಯೋಜಿಸಲಾದ ಸಿಬ್ಬಂದಿಯ ಕರ್ತವ್ಯ ಲೋಪ ಕಂಡುಬಂದರೆ ಕಠಿಣ ಕ್ರಮ ಕೈಗೊಳ್ಳಲಾಗುವುದು ಎಂದು ತಿಳಿಸಿದ್ದಾರೆ. ಸಾರ್ವಜನಿಕರು ಈ ಘಟನೆಗೆ ತೀವ್ರ ಅಸಮಾಧಾನ ವ್ಯಕ್ತಪಡಿಸಿದ್ದಾರೆ. ಭದ್ರತಾ ವ್ಯವಸ್ಥೆ ಮತ್ತಷ್ಟು ಬಿಗಿಗೊಳಿಸಬೇಕೆಂದು ಒತ್ತಾಯಿಸಿದ್ದಾರೆ.
Printed by T.S. Gopinath, Published by M. Govinde Gowda on behalf of Academy Newspapers Private Limited, 15-C Industrial 'A' Layout, Bannimantap, Mysore-570 015 and Printed at Academy
Newspapers Private Limited, 15-C Industrial 'A' Layout, Bannimantap, Mysore-570 015 and Published at 15-C Industrial 'A' Layout, Bannimantap, Mysore-570 015. Editor: M. Govinde Gowda
Ph: 2496520 / 2496521 / 2496522 / 2496523 / 2496526 / 2496527 / 2496528. City Offices: Visveswaraya Building, III Floor, K.R. Circle, Mysore-570 001, Ph: 2431774 and No. 114, D. Devaraj Urs Road
(Opposite Big Bus), Mysore-570 001. Ph: 2428695. RNI Reg. No. 36581 / 1980 E-mail address: news@mysurumithra.com For advertisements: ad@mysurumithra.com
